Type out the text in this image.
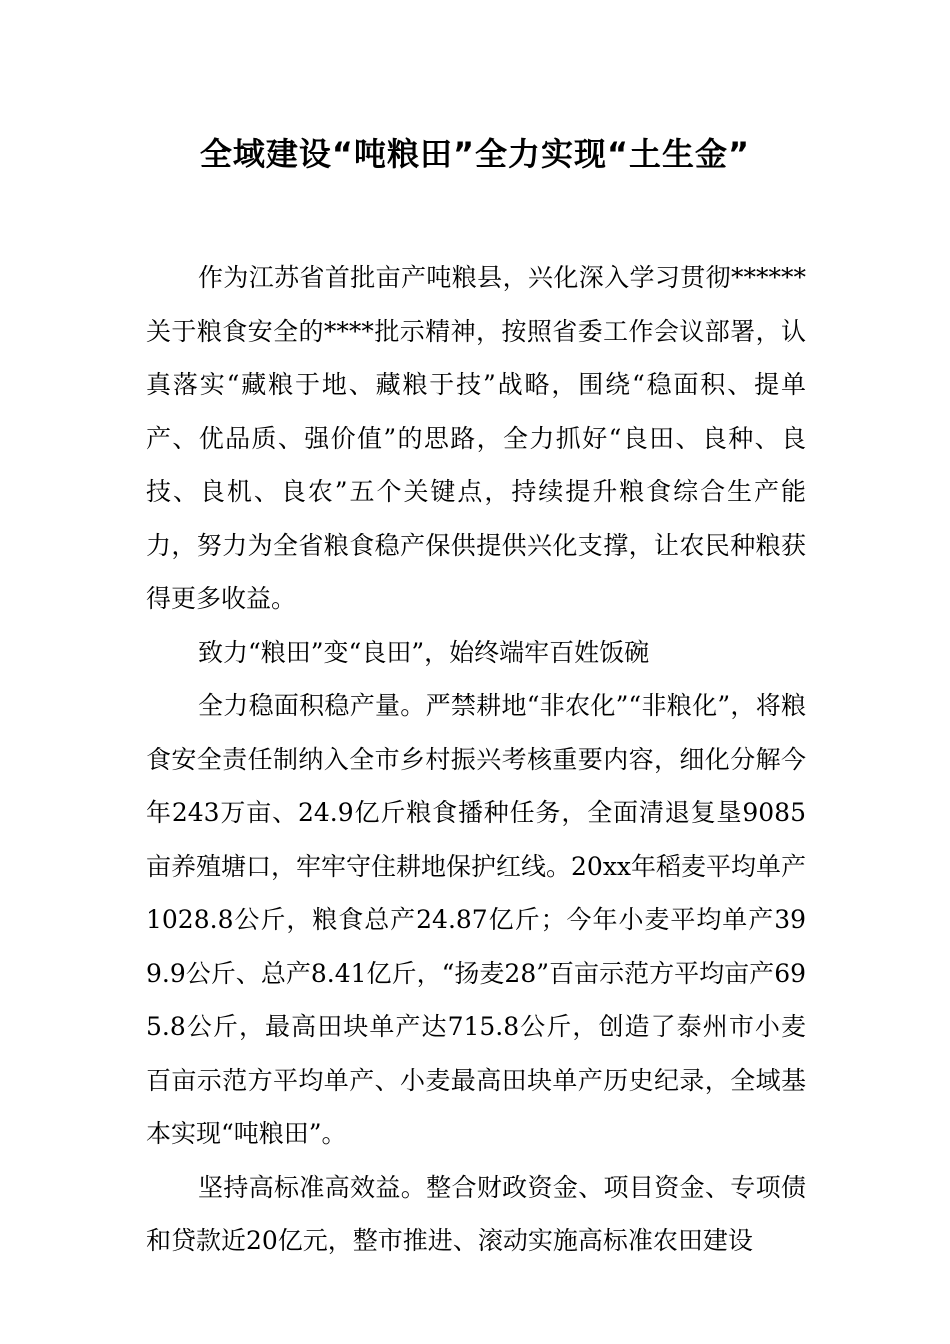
全域建设“吨粮田”全力实现“土生金”

作为江苏省首批亩产吨粮县，兴化深入学习贯彻******关于粮食安全的****批示精神，按照省委工作会议部署，认真落实“藏粮于地、藏粮于技”战略，围绕“稳面积、提单产、优品质、强价值”的思路，全力抓好“良田、良种、良技、良机、良农”五个关键点，持续提升粮食综合生产能力，努力为全省粮食稳产保供提供兴化支撑，让农民种粮获得更多收益。

致力“粮田”变“良田”，始终端牢百姓饭碗

全力稳面积稳产量。严禁耕地“非农化”“非粮化”，将粮食安全责任制纳入全市乡村振兴考核重要内容，细化分解今年243万亩、24.9亿斤粮食播种任务，全面清退复垦9085亩养殖塘口，牢牢守住耕地保护红线。20xx年稻麦平均单产1028.8公斤，粮食总产24.87亿斤；今年小麦平均单产399.9公斤、总产8.41亿斤，“扬麦28”百亩示范方平均亩产695.8公斤，最高田块单产达715.8公斤，创造了泰州市小麦百亩示范方平均单产、小麦最高田块单产历史纪录，全域基本实现“吨粮田”。

坚持高标准高效益。整合财政资金、项目资金、专项债和贷款近20亿元，整市推进、滚动实施高标准农田建设
